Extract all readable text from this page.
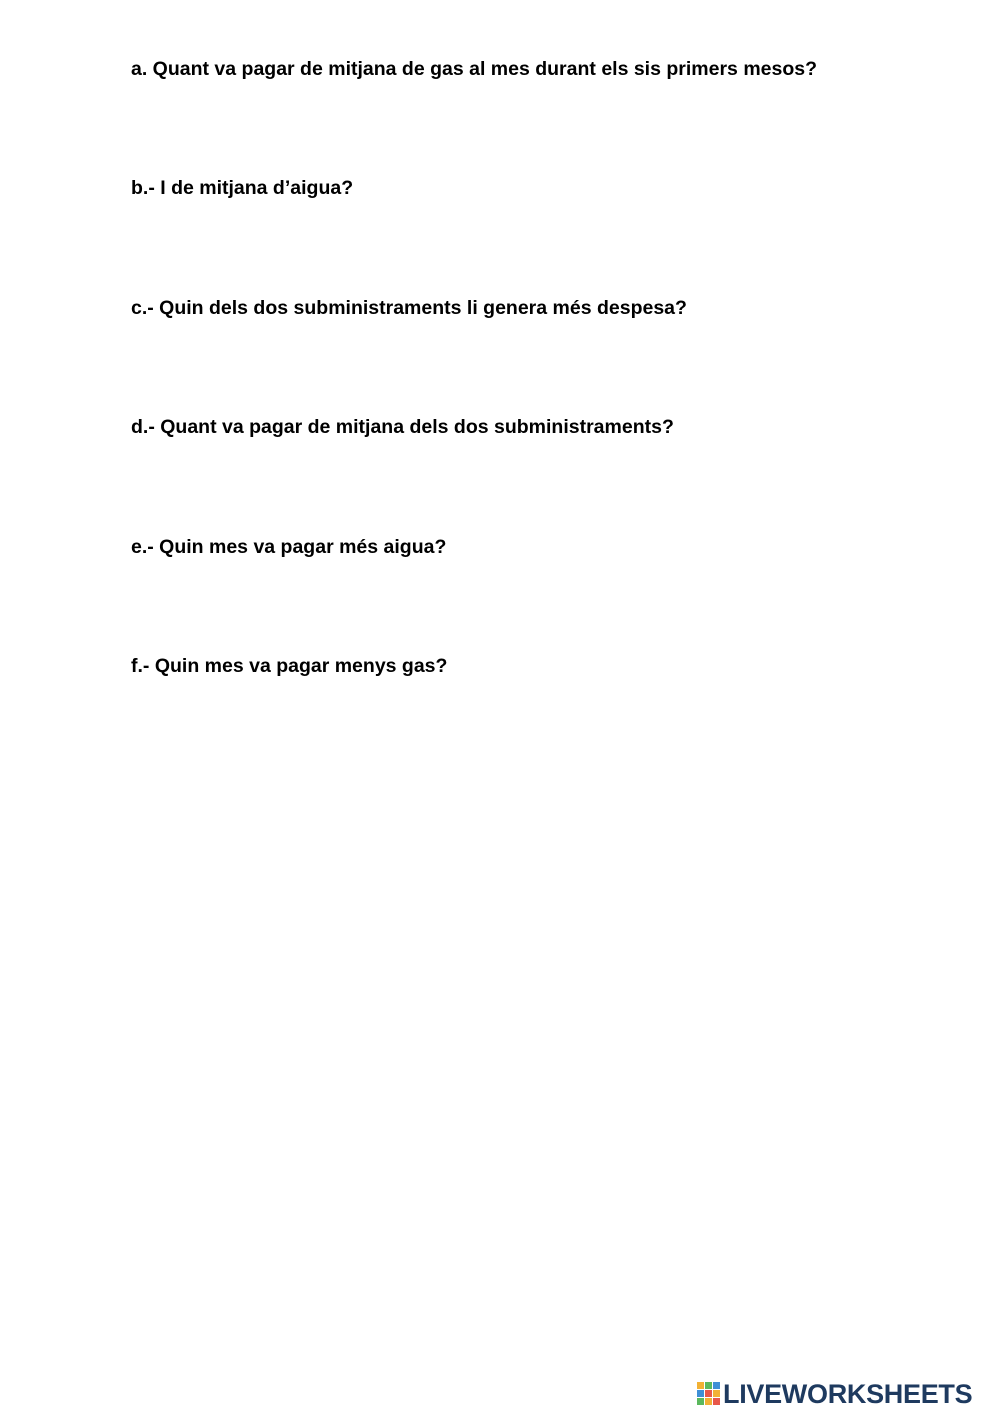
a. Quant va pagar de mitjana de gas al mes durant els sis primers mesos?

b.- I de mitjana d’aigua?

c.- Quin dels dos subministraments li genera més despesa?

d.- Quant va pagar de mitjana dels dos subministraments?

e.- Quin mes va pagar més aigua?

f.- Quin mes va pagar menys gas?

LIVEWORKSHEETS
